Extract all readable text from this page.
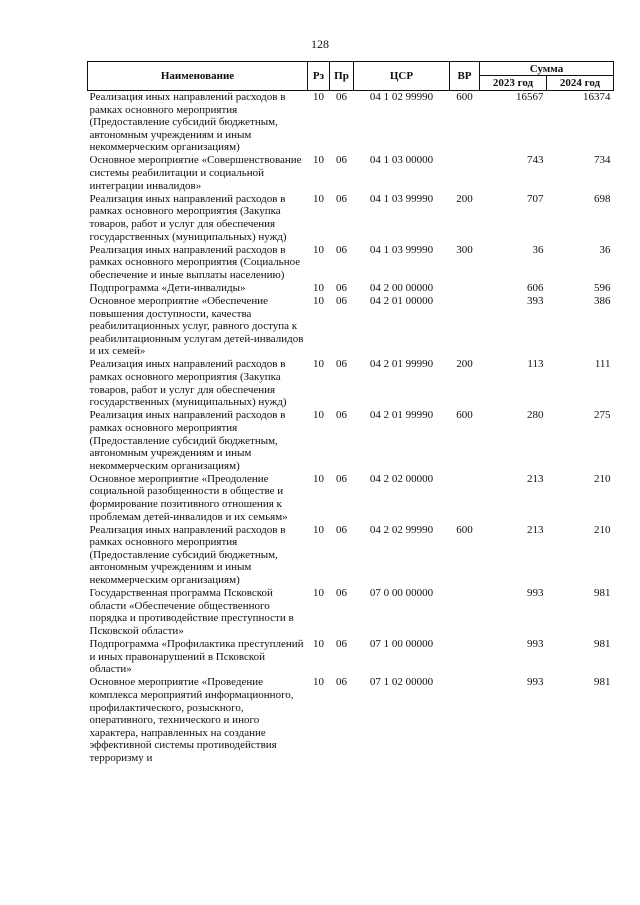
128
Наименование	Рз	Пр	ЦСР	ВР	Сумма	
					2023 год	2024 год
Реализация иных направлений расходов в рамках основного мероприятия (Предоставление субсидий бюджетным, автономным учреждениям и иным некоммерческим организациям)	10	06	04 1 02 99990	600	16567	16374
Основное мероприятие «Совершенствование системы реабилитации и социальной интеграции инвалидов»	10	06	04 1 03 00000		743	734
Реализация иных направлений расходов в рамках основного мероприятия (Закупка товаров, работ и услуг для обеспечения государственных (муниципальных) нужд)	10	06	04 1 03 99990	200	707	698
Реализация иных направлений расходов в рамках основного мероприятия (Социальное обеспечение и иные выплаты населению)	10	06	04 1 03 99990	300	36	36
Подпрограмма «Дети-инвалиды»	10	06	04 2 00 00000		606	596
Основное мероприятие «Обеспечение повышения доступности, качества реабилитационных услуг, равного доступа к реабилитационным услугам детей-инвалидов и их семей»	10	06	04 2 01 00000		393	386
Реализация иных направлений расходов в рамках основного мероприятия (Закупка товаров, работ и услуг для обеспечения государственных (муниципальных) нужд)	10	06	04 2 01 99990	200	113	111
Реализация иных направлений расходов в рамках основного мероприятия (Предоставление субсидий бюджетным, автономным учреждениям и иным некоммерческим организациям)	10	06	04 2 01 99990	600	280	275
Основное мероприятие «Преодоление социальной разобщенности в обществе и формирование позитивного отношения к проблемам детей-инвалидов и их семьям»	10	06	04 2 02 00000		213	210
Реализация иных направлений расходов в рамках основного мероприятия (Предоставление субсидий бюджетным, автономным учреждениям и иным некоммерческим организациям)	10	06	04 2 02 99990	600	213	210
Государственная программа Псковской области «Обеспечение общественного порядка и противодействие преступности в Псковской области»	10	06	07 0 00 00000		993	981
Подпрограмма «Профилактика преступлений и иных правонарушений в Псковской области»	10	06	07 1 00 00000		993	981
Основное мероприятие «Проведение комплекса мероприятий информационного, профилактического, розыскного, оперативного, технического и иного характера, направленных на создание эффективной системы противодействия терроризму и	10	06	07 1 02 00000		993	981
